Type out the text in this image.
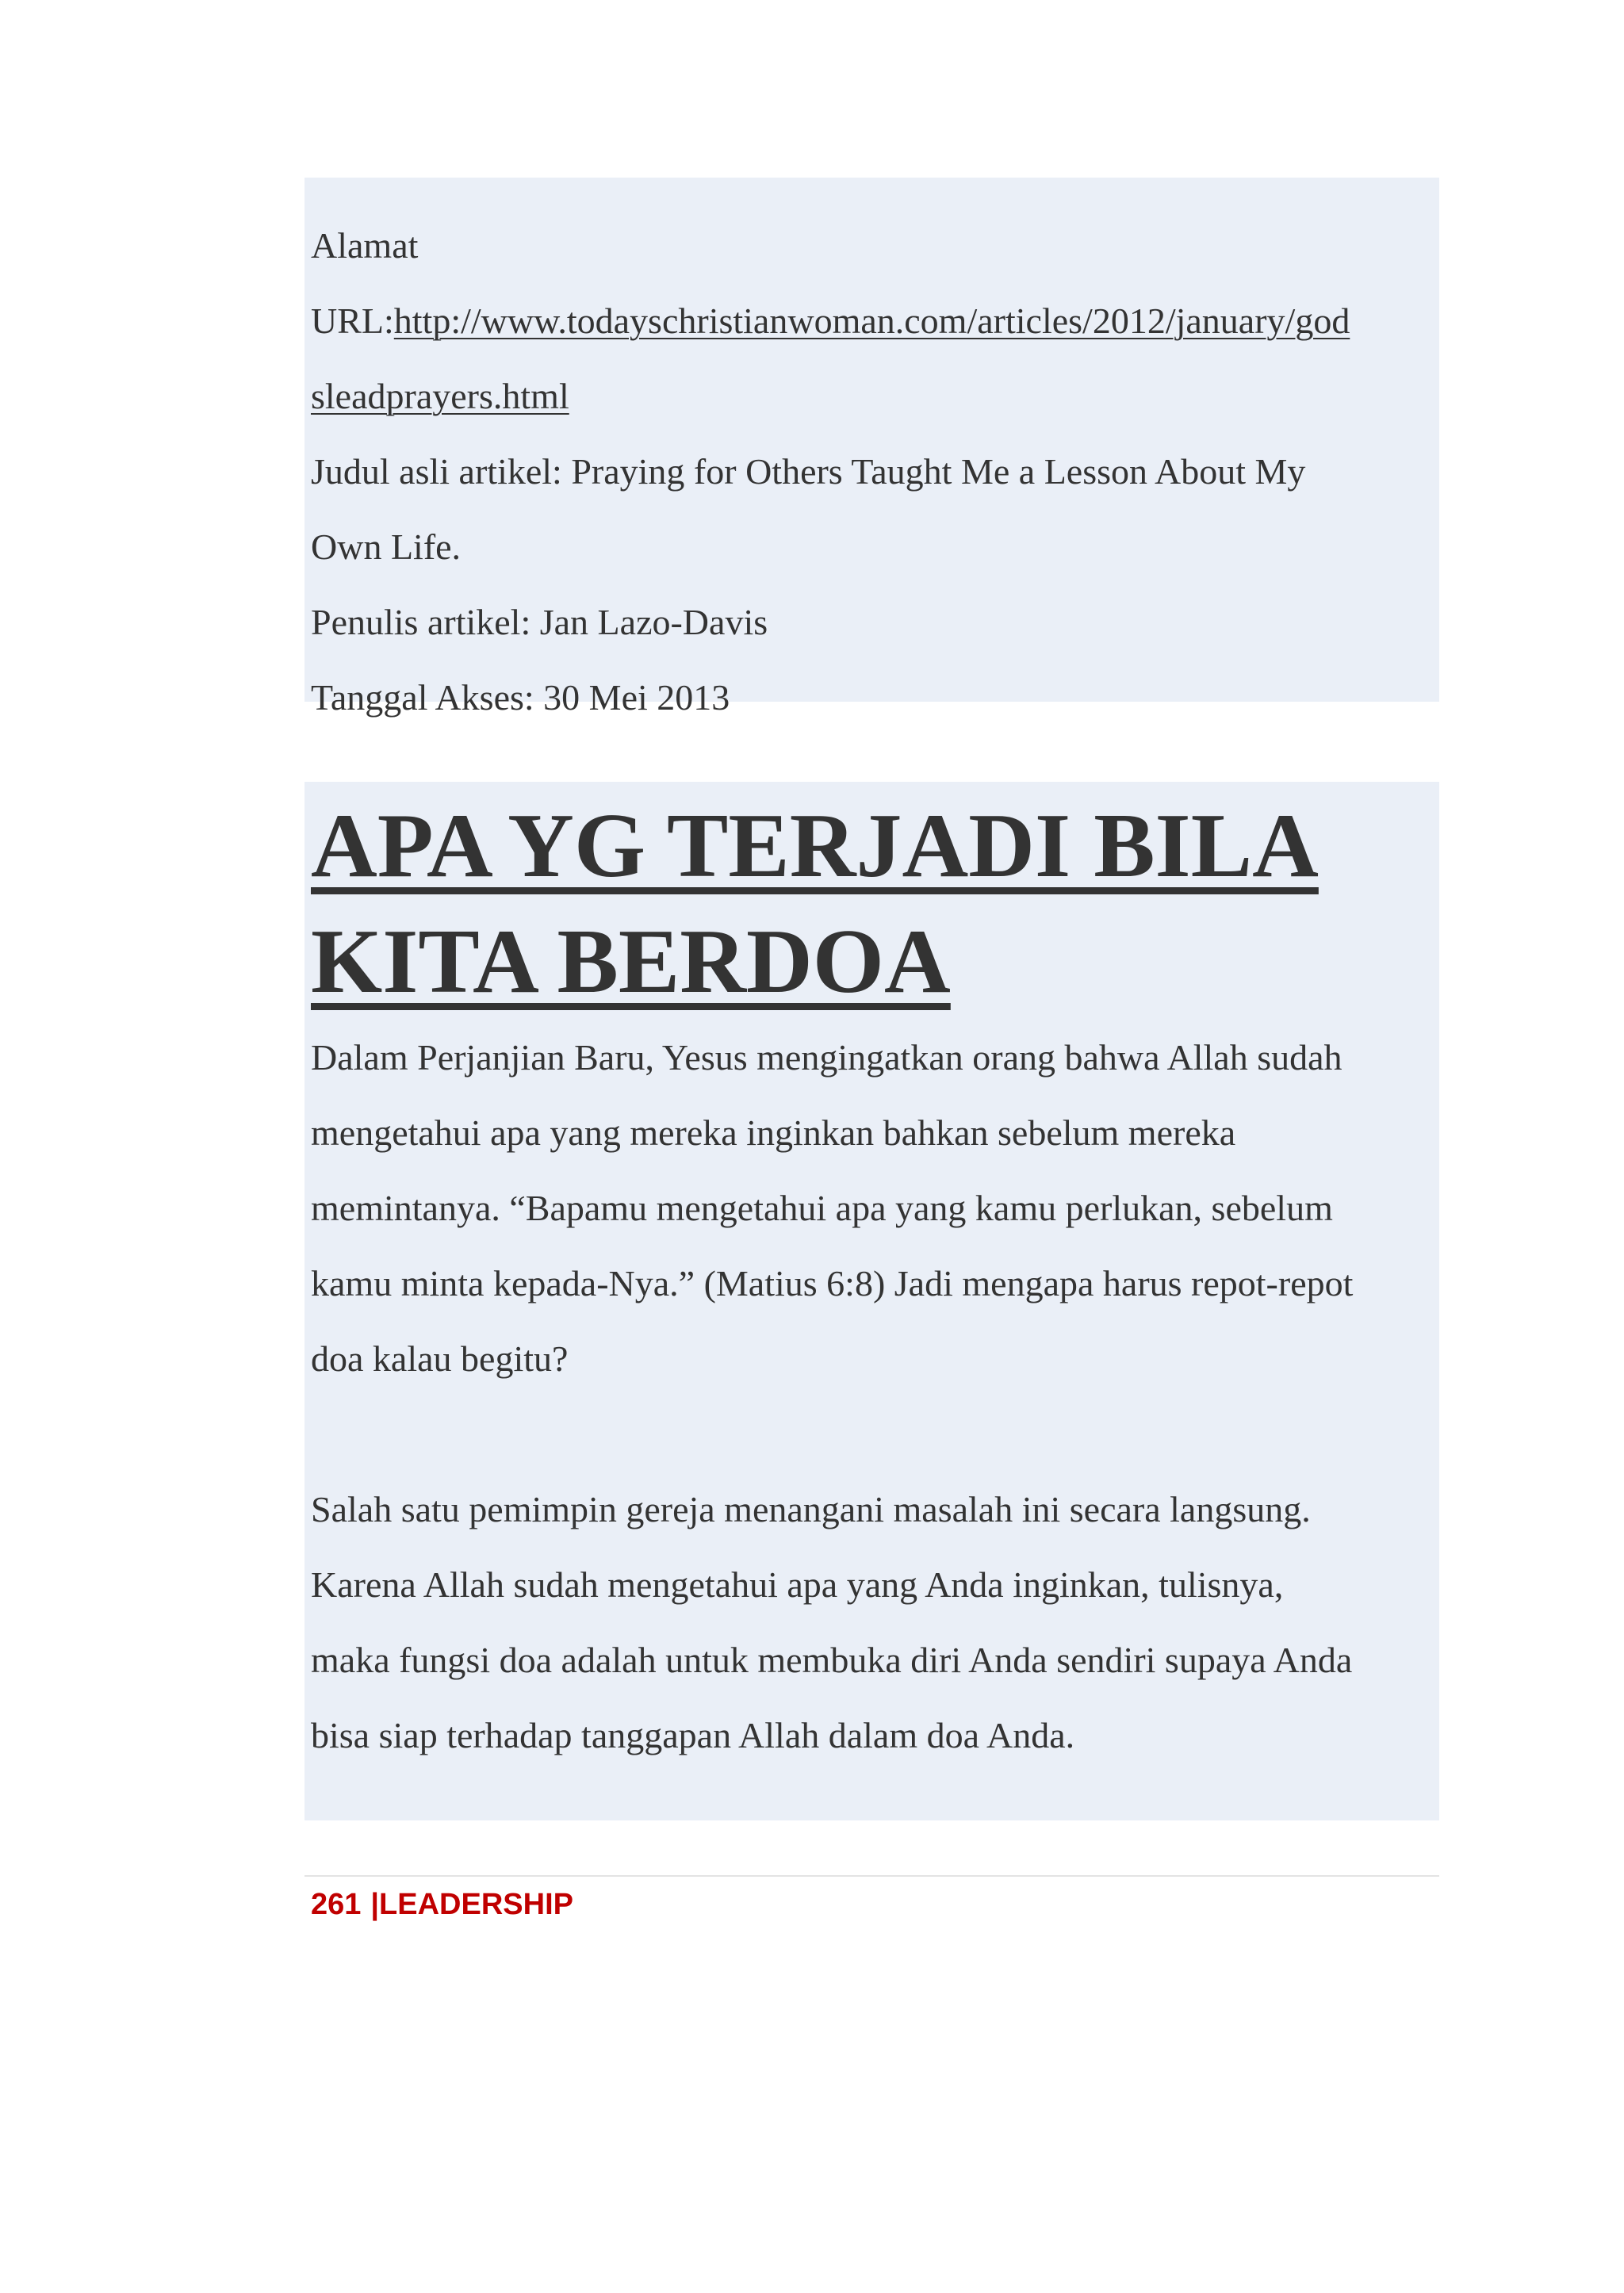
Alamat
URL:http://www.todayschristianwoman.com/articles/2012/january/god
sleadprayers.html
Judul asli artikel: Praying for Others Taught Me a Lesson About My
Own Life.
Penulis artikel: Jan Lazo-Davis
Tanggal Akses: 30 Mei 2013
APA YG TERJADI BILA
KITA BERDOA
Dalam Perjanjian Baru, Yesus mengingatkan orang bahwa Allah sudah
mengetahui apa yang mereka inginkan bahkan sebelum mereka
memintanya. “Bapamu mengetahui apa yang kamu perlukan, sebelum
kamu minta kepada-Nya.” (Matius 6:8) Jadi mengapa harus repot-repot
doa kalau begitu?
Salah satu pemimpin gereja menangani masalah ini secara langsung.
Karena Allah sudah mengetahui apa yang Anda inginkan, tulisnya,
maka fungsi doa adalah untuk membuka diri Anda sendiri supaya Anda
bisa siap terhadap tanggapan Allah dalam doa Anda.
261 |LEADERSHIP
